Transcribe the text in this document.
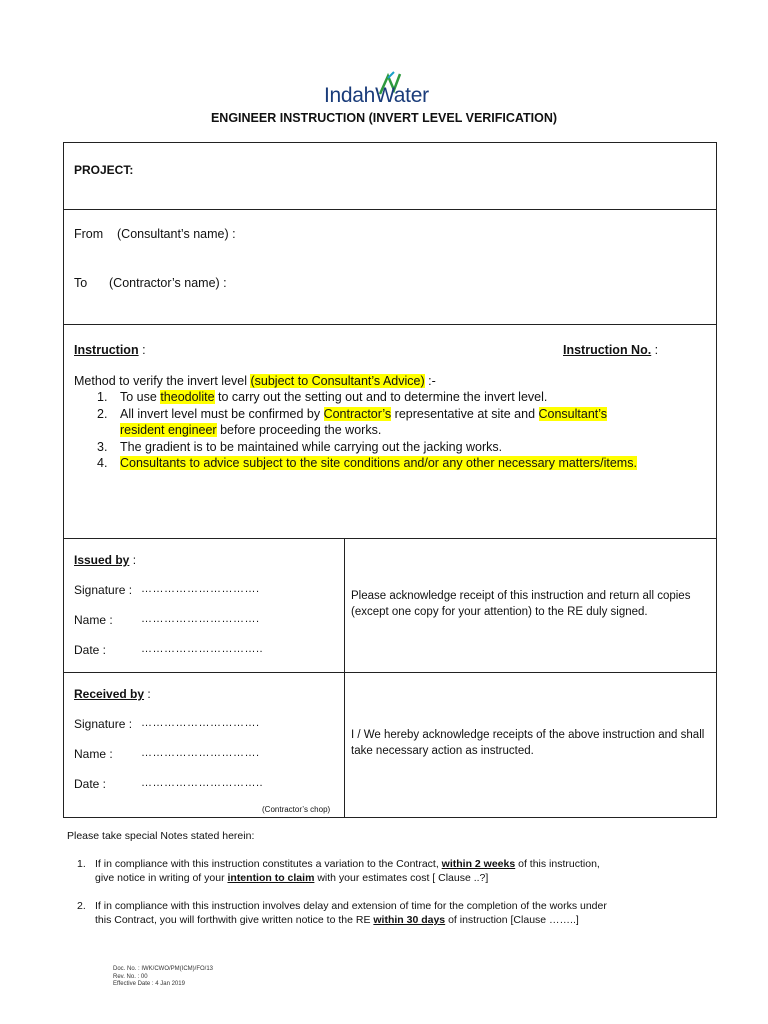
IndahWater
ENGINEER INSTRUCTION (INVERT LEVEL VERIFICATION)
PROJECT:
From (Consultant’s name) :
To (Contractor’s name) :
Instruction :	Instruction No. :
Method to verify the invert level (subject to Consultant’s Advice) :-
1. To use theodolite to carry out the setting out and to determine the invert level.
2. All invert level must be confirmed by Contractor’s representative at site and Consultant’s
resident engineer before proceeding the works.
3. The gradient is to be maintained while carrying out the jacking works.
4. Consultants to advice subject to the site conditions and/or any other necessary matters/items.
Issued by :
Signature : ………………………….
Name :	………………………….
Date :	…………………………..
Please acknowledge receipt of this instruction and return all copies (except one copy for your attention) to the RE duly signed.
Received by :
Signature : ………………………….
Name :	………………………….
Date :	…………………………..
(Contractor’s chop)
I / We hereby acknowledge receipts of the above instruction and shall take necessary action as instructed.
Please take special Notes stated herein:
1. If in compliance with this instruction constitutes a variation to the Contract, within 2 weeks of this instruction,
give notice in writing of your intention to claim with your estimates cost [ Clause ..?]
2. If in compliance with this instruction involves delay and extension of time for the completion of the works under
this Contract, you will forthwith give written notice to the RE within 30 days of instruction [Clause ……..]
Doc. No. : IWK/CWO/PM(ICM)/FO/13
Rev. No. : 00
Effective Date : 4 Jan 2019
